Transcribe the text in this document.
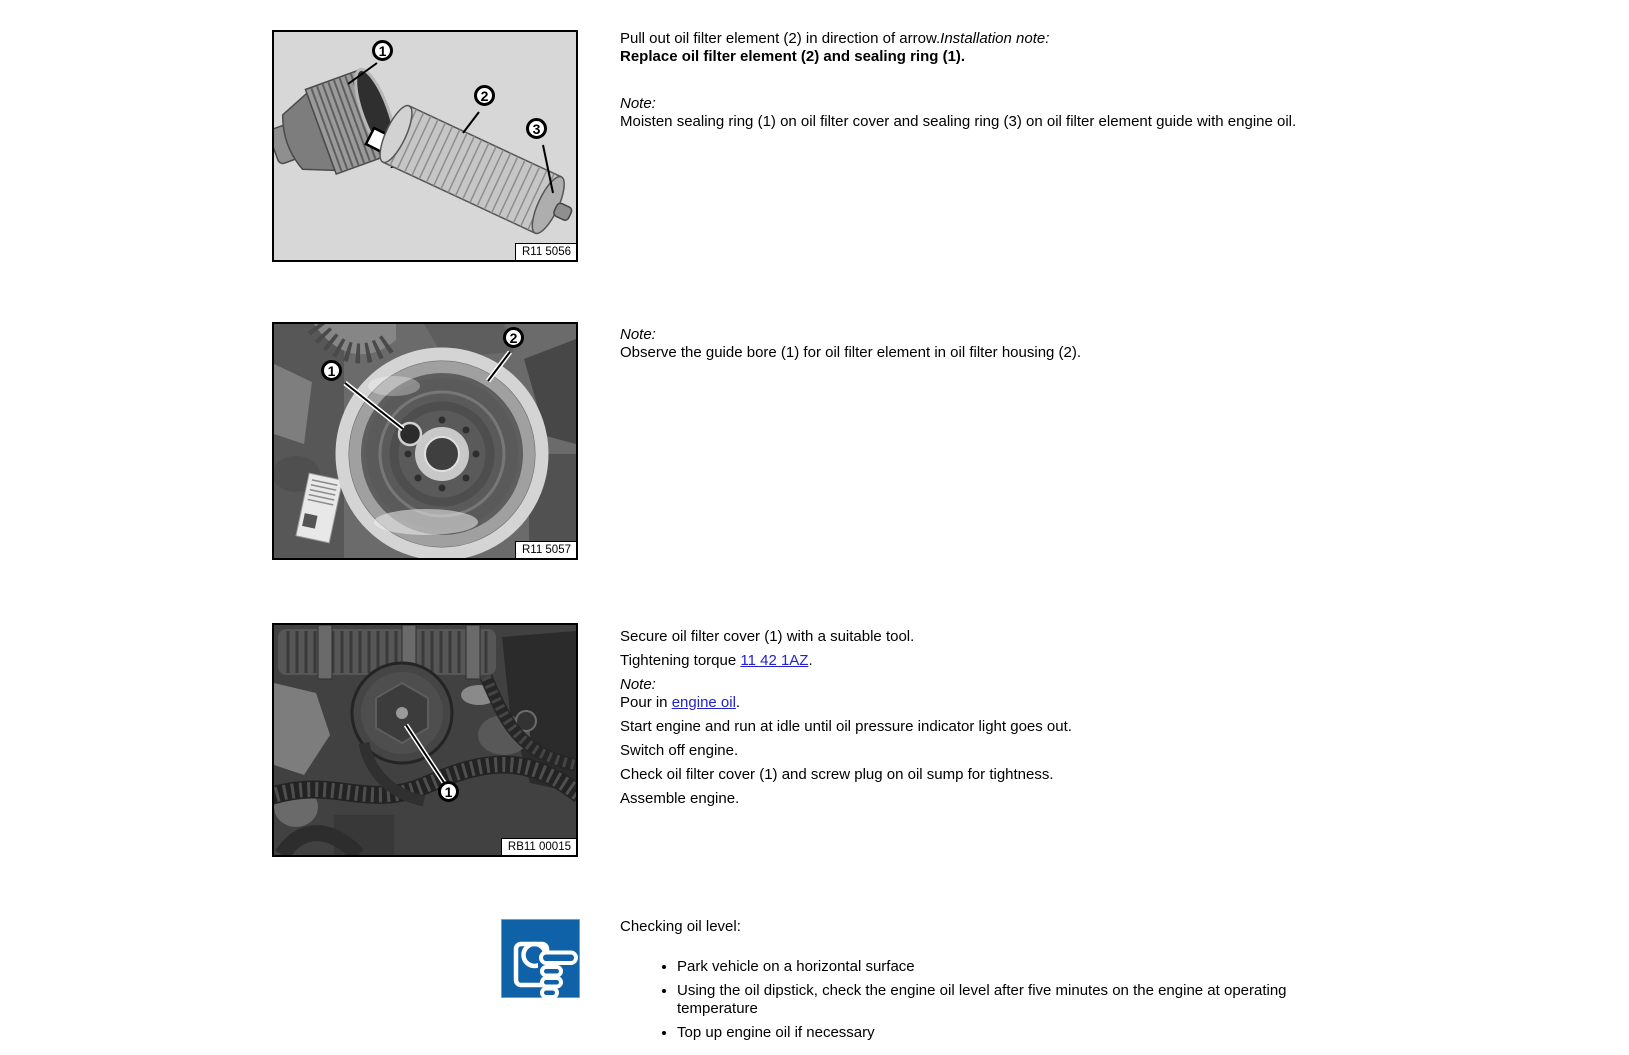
1
2
3
R11 5056

Pull out oil filter element (2) in direction of arrow.Installation note:

Replace oil filter element (2) and sealing ring (1).

Note:

Moisten sealing ring (1) on oil filter cover and sealing ring (3) on oil filter element guide with engine oil.

1
2
R11 5057

Note:

Observe the guide bore (1) for oil filter element in oil filter housing (2).

1
RB11 00015

Secure oil filter cover (1) with a suitable tool.

Tightening torque 11 42 1AZ.

Note:

Pour in engine oil.

Start engine and run at idle until oil pressure indicator light goes out.

Switch off engine.

Check oil filter cover (1) and screw plug on oil sump for tightness.

Assemble engine.

Checking oil level:

• Park vehicle on a horizontal surface
• Using the oil dipstick, check the engine oil level after five minutes on the engine at operating temperature
• Top up engine oil if necessary
